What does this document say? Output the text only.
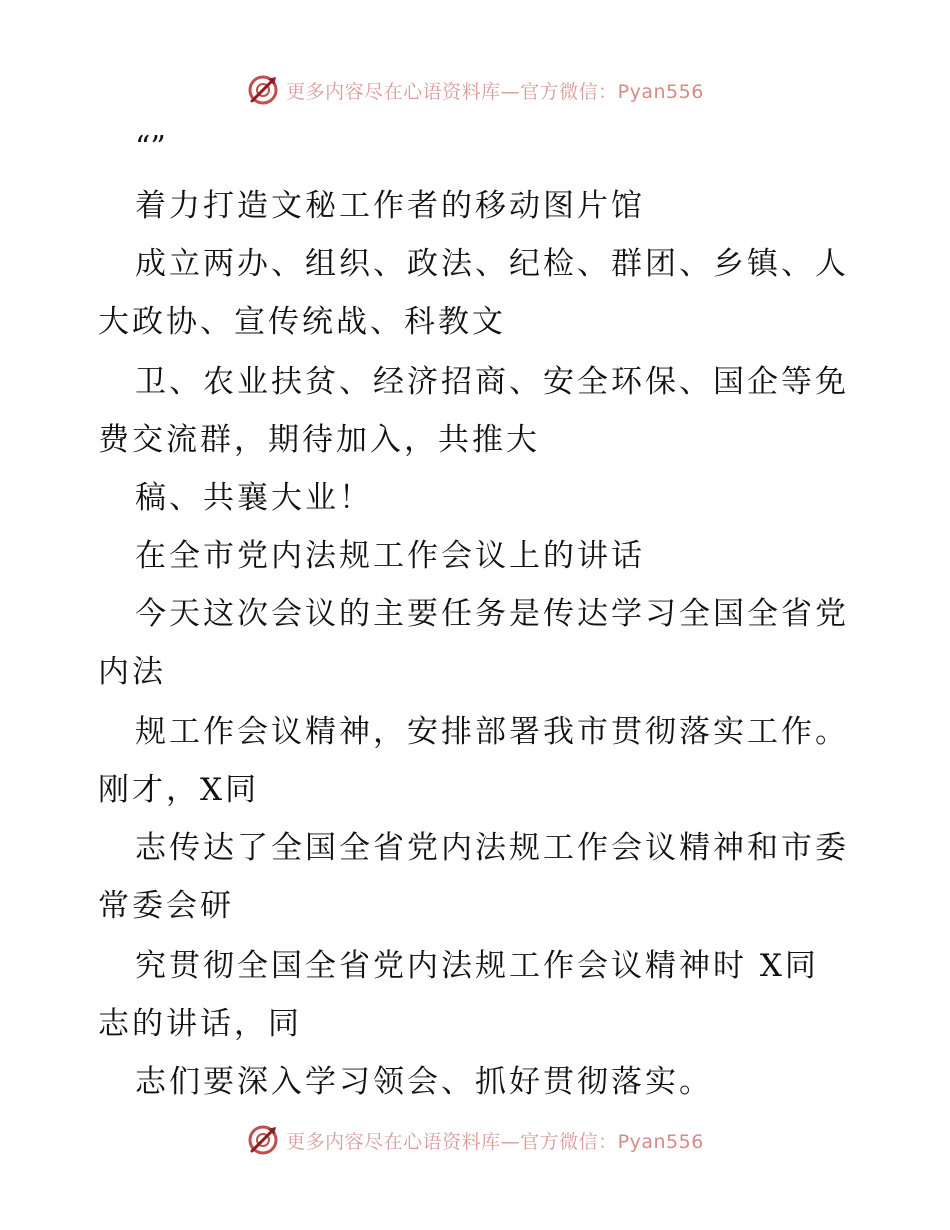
更多内容尽在心语资料库—官方微信：Pyan556
“”
着力打造文秘工作者的移动图片馆
成立两办、组织、政法、纪检、群团、乡镇、人
大政协、宣传统战、科教文
卫、农业扶贫、经济招商、安全环保、国企等免
费交流群，期待加入，共推大
稿、共襄大业！
在全市党内法规工作会议上的讲话
今天这次会议的主要任务是传达学习全国全省党
内法
规工作会议精神，安排部署我市贯彻落实工作。
刚才，X同
志传达了全国全省党内法规工作会议精神和市委
常委会研
究贯彻全国全省党内法规工作会议精神时 X同
志的讲话，同
志们要深入学习领会、抓好贯彻落实。
更多内容尽在心语资料库—官方微信：Pyan556
